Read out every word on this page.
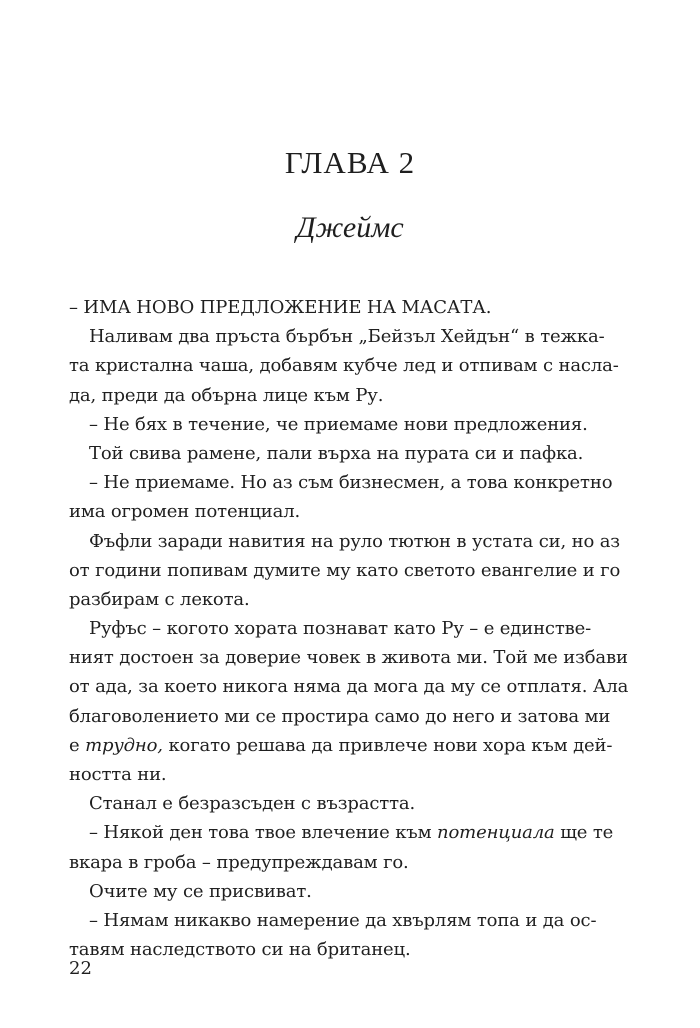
ГЛАВА 2
Джеймс
– ИМА НОВО ПРЕДЛОЖЕНИЕ НА МАСАТА.
Наливам два пръста бърбън „Бейзъл Хейдън“ в тежка-
та кристална чаша, добавям кубче лед и отпивам с насла-
да, преди да обърна лице към Ру.
– Не бях в течение, че приемаме нови предложения.
Той свива рамене, пали върха на пурата си и пафка.
– Не приемаме. Но аз съм бизнесмен, а това конкретно
има огромен потенциал.
Фъфли заради навития на руло тютюн в устата си, но аз
от години попивам думите му като светото евангелие и го
разбирам с лекота.
Руфъс – когото хората познават като Ру – е единстве-
ният достоен за доверие човек в живота ми. Той ме избави
от ада, за което никога няма да мога да му се отплатя. Ала
благоволението ми се простира само до него и затова ми
е трудно, когато решава да привлече нови хора към дей-
ността ни.
Станал е безразсъден с възрастта.
– Някой ден това твое влечение към потенциала ще те
вкара в гроба – предупреждавам го.
Очите му се присвиват.
– Нямам никакво намерение да хвърлям топа и да ос-
тавям наследството си на британец.
22
